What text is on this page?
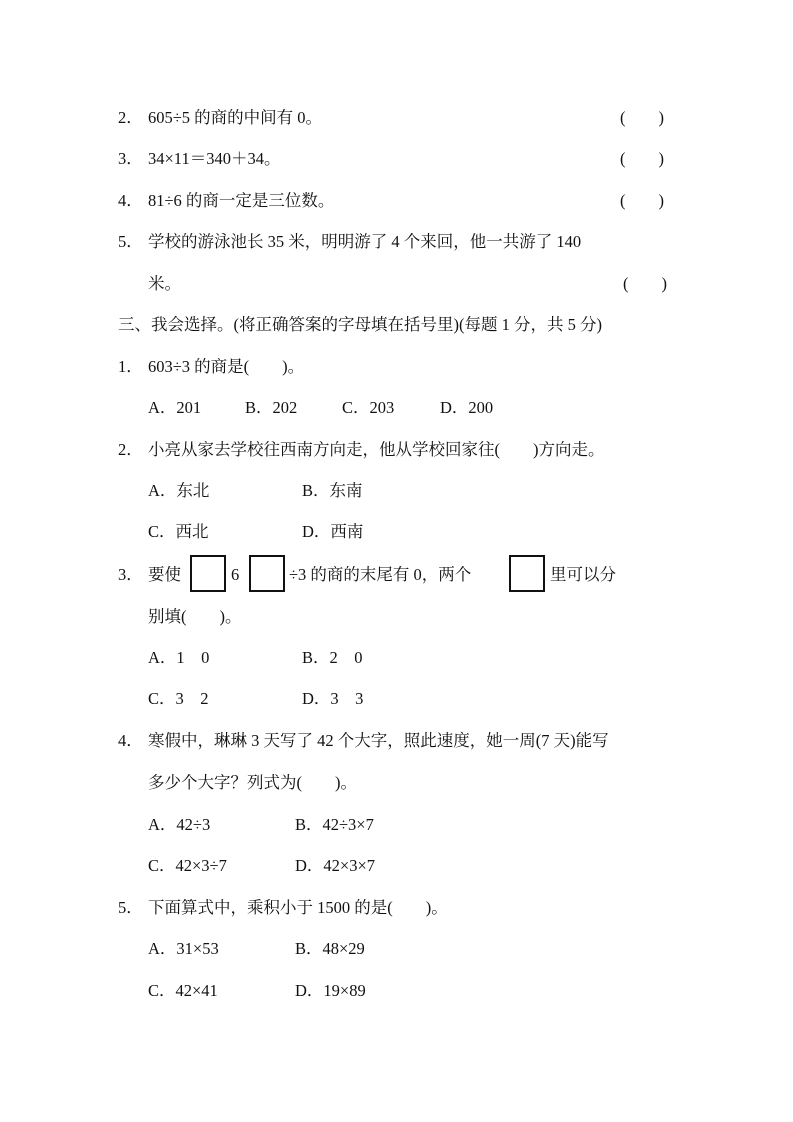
2． 605÷5 的商的中间有 0。	(　　)
3． 34×11＝340＋34。	(　　)
4． 81÷6 的商一定是三位数。	(　　)
5． 学校的游泳池长 35 米，明明游了 4 个来回，他一共游了 140
米。	(　　)
三、我会选择。(将正确答案的字母填在括号里)(每题 1 分，共 5 分)
1． 603÷3 的商是(　　)。
A．201	B．202	C．203	D．200
2． 小亮从家去学校往西南方向走，他从学校回家往(　　)方向走。
A．东北	B．东南
C．西北	D．西南
3． 要使	6	÷3 的商的末尾有 0，两个	里可以分
别填(　　)。
A．1　0	B．2　0
C．3　2	D．3　3
4． 寒假中，琳琳 3 天写了 42 个大字，照此速度，她一周(7 天)能写
多少个大字？列式为(　　)。
A．42÷3	B．42÷3×7
C．42×3÷7	D．42×3×7
5． 下面算式中，乘积小于 1500 的是(　　)。
A．31×53	B．48×29
C．42×41	D．19×89
